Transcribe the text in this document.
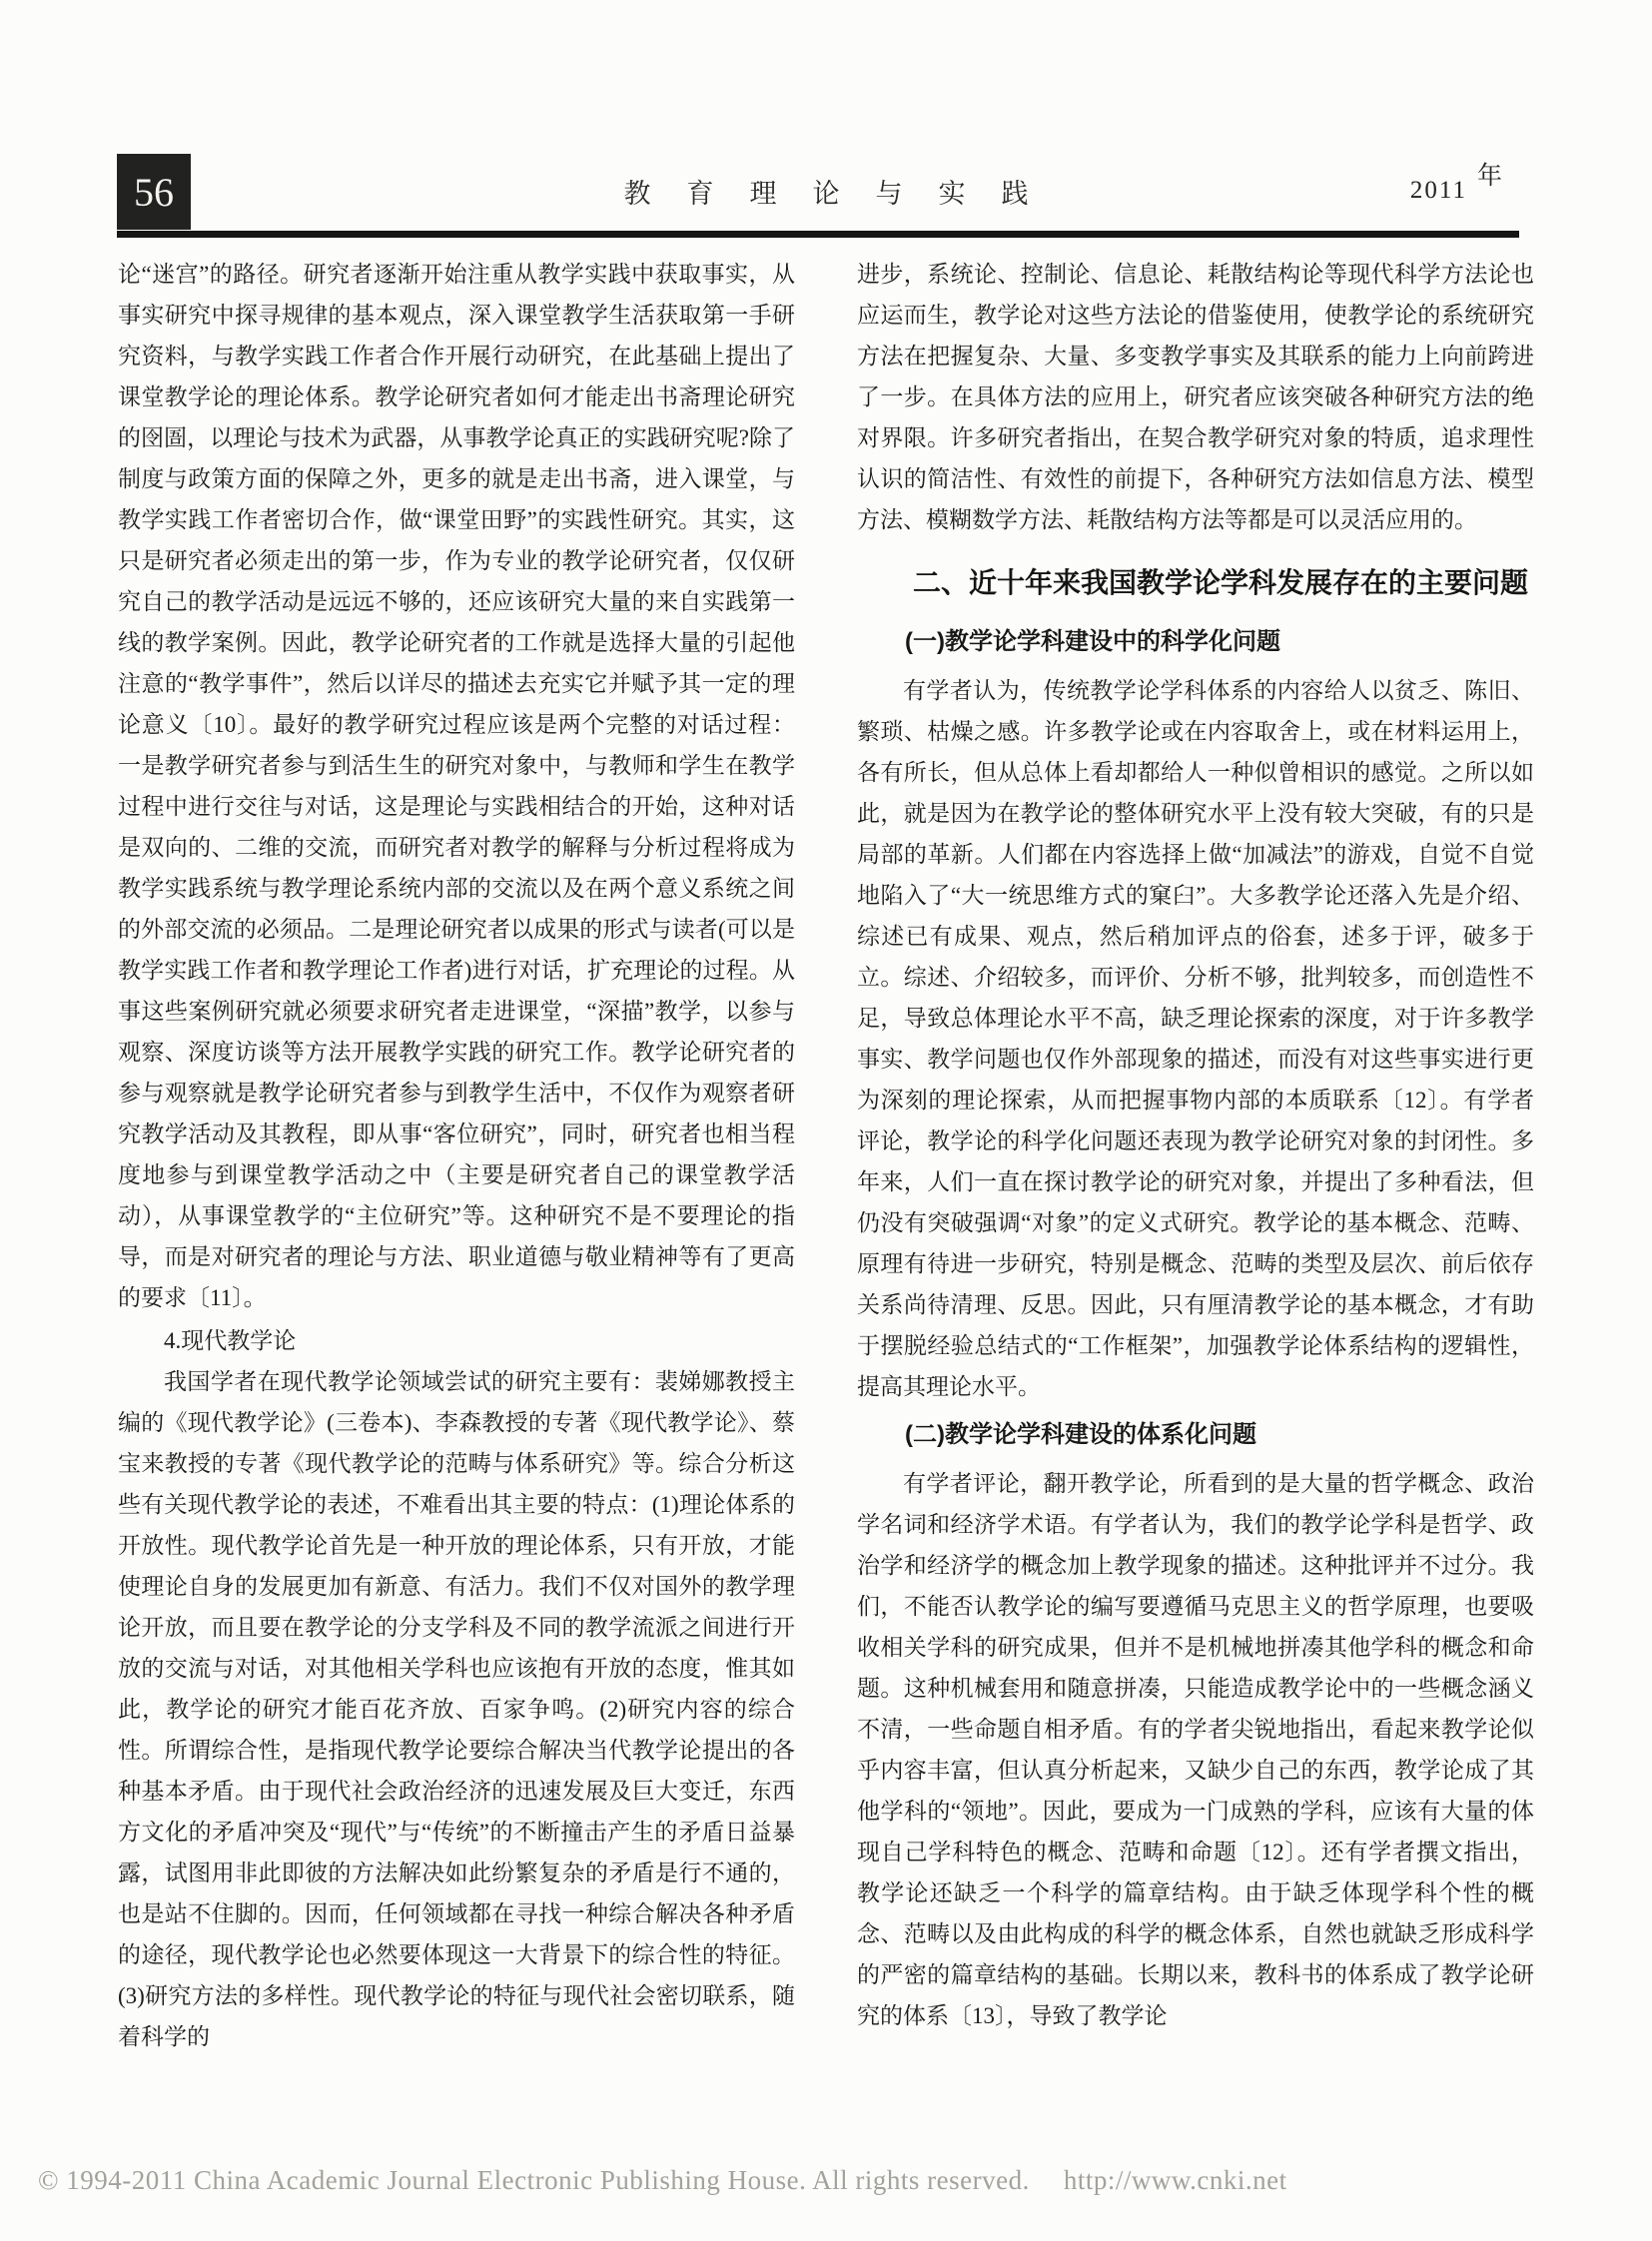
56	教育理论与实践	2011年

论“迷宫”的路径。研究者逐渐开始注重从教学实践中获取事实，从事实研究中探寻规律的基本观点，深入课堂教学生活获取第一手研究资料，与教学实践工作者合作开展行动研究，在此基础上提出了课堂教学论的理论体系。教学论研究者如何才能走出书斋理论研究的囹圄，以理论与技术为武器，从事教学论真正的实践研究呢?除了制度与政策方面的保障之外，更多的就是走出书斋，进入课堂，与教学实践工作者密切合作，做“课堂田野”的实践性研究。其实，这只是研究者必须走出的第一步，作为专业的教学论研究者，仅仅研究自己的教学活动是远远不够的，还应该研究大量的来自实践第一线的教学案例。因此，教学论研究者的工作就是选择大量的引起他注意的“教学事件”，然后以详尽的描述去充实它并赋予其一定的理论意义〔10〕。最好的教学研究过程应该是两个完整的对话过程：一是教学研究者参与到活生生的研究对象中，与教师和学生在教学过程中进行交往与对话，这是理论与实践相结合的开始，这种对话是双向的、二维的交流，而研究者对教学的解释与分析过程将成为教学实践系统与教学理论系统内部的交流以及在两个意义系统之间的外部交流的必须品。二是理论研究者以成果的形式与读者(可以是教学实践工作者和教学理论工作者)进行对话，扩充理论的过程。从事这些案例研究就必须要求研究者走进课堂，“深描”教学，以参与观察、深度访谈等方法开展教学实践的研究工作。教学论研究者的参与观察就是教学论研究者参与到教学生活中，不仅作为观察者研究教学活动及其教程，即从事“客位研究”，同时，研究者也相当程度地参与到课堂教学活动之中（主要是研究者自己的课堂教学活动），从事课堂教学的“主位研究”等。这种研究不是不要理论的指导，而是对研究者的理论与方法、职业道德与敬业精神等有了更高的要求〔11〕。

4.现代教学论

我国学者在现代教学论领域尝试的研究主要有：裴娣娜教授主编的《现代教学论》(三卷本)、李森教授的专著《现代教学论》、蔡宝来教授的专著《现代教学论的范畴与体系研究》等。综合分析这些有关现代教学论的表述，不难看出其主要的特点：(1)理论体系的开放性。现代教学论首先是一种开放的理论体系，只有开放，才能使理论自身的发展更加有新意、有活力。我们不仅对国外的教学理论开放，而且要在教学论的分支学科及不同的教学流派之间进行开放的交流与对话，对其他相关学科也应该抱有开放的态度，惟其如此，教学论的研究才能百花齐放、百家争鸣。(2)研究内容的综合性。所谓综合性，是指现代教学论要综合解决当代教学论提出的各种基本矛盾。由于现代社会政治经济的迅速发展及巨大变迁，东西方文化的矛盾冲突及“现代”与“传统”的不断撞击产生的矛盾日益暴露，试图用非此即彼的方法解决如此纷繁复杂的矛盾是行不通的，也是站不住脚的。因而，任何领域都在寻找一种综合解决各种矛盾的途径，现代教学论也必然要体现这一大背景下的综合性的特征。(3)研究方法的多样性。现代教学论的特征与现代社会密切联系，随着科学的

进步，系统论、控制论、信息论、耗散结构论等现代科学方法论也应运而生，教学论对这些方法论的借鉴使用，使教学论的系统研究方法在把握复杂、大量、多变教学事实及其联系的能力上向前跨进了一步。在具体方法的应用上，研究者应该突破各种研究方法的绝对界限。许多研究者指出，在契合教学研究对象的特质，追求理性认识的简洁性、有效性的前提下，各种研究方法如信息方法、模型方法、模糊数学方法、耗散结构方法等都是可以灵活应用的。

二、近十年来我国教学论学科发展存在的主要问题

(一)教学论学科建设中的科学化问题

有学者认为，传统教学论学科体系的内容给人以贫乏、陈旧、繁琐、枯燥之感。许多教学论或在内容取舍上，或在材料运用上，各有所长，但从总体上看却都给人一种似曾相识的感觉。之所以如此，就是因为在教学论的整体研究水平上没有较大突破，有的只是局部的革新。人们都在内容选择上做“加减法”的游戏，自觉不自觉地陷入了“大一统思维方式的窠臼”。大多教学论还落入先是介绍、综述已有成果、观点，然后稍加评点的俗套，述多于评，破多于立。综述、介绍较多，而评价、分析不够，批判较多，而创造性不足，导致总体理论水平不高，缺乏理论探索的深度，对于许多教学事实、教学问题也仅作外部现象的描述，而没有对这些事实进行更为深刻的理论探索，从而把握事物内部的本质联系〔12〕。有学者评论，教学论的科学化问题还表现为教学论研究对象的封闭性。多年来，人们一直在探讨教学论的研究对象，并提出了多种看法，但仍没有突破强调“对象”的定义式研究。教学论的基本概念、范畴、原理有待进一步研究，特别是概念、范畴的类型及层次、前后依存关系尚待清理、反思。因此，只有厘清教学论的基本概念，才有助于摆脱经验总结式的“工作框架”，加强教学论体系结构的逻辑性，提高其理论水平。

(二)教学论学科建设的体系化问题

有学者评论，翻开教学论，所看到的是大量的哲学概念、政治学名词和经济学术语。有学者认为，我们的教学论学科是哲学、政治学和经济学的概念加上教学现象的描述。这种批评并不过分。我们，不能否认教学论的编写要遵循马克思主义的哲学原理，也要吸收相关学科的研究成果，但并不是机械地拼凑其他学科的概念和命题。这种机械套用和随意拼凑，只能造成教学论中的一些概念涵义不清，一些命题自相矛盾。有的学者尖锐地指出，看起来教学论似乎内容丰富，但认真分析起来，又缺少自己的东西，教学论成了其他学科的“领地”。因此，要成为一门成熟的学科，应该有大量的体现自己学科特色的概念、范畴和命题〔12〕。还有学者撰文指出，教学论还缺乏一个科学的篇章结构。由于缺乏体现学科个性的概念、范畴以及由此构成的科学的概念体系，自然也就缺乏形成科学的严密的篇章结构的基础。长期以来，教科书的体系成了教学论研究的体系〔13〕，导致了教学论

© 1994-2011 China Academic Journal Electronic Publishing House. All rights reserved. http://www.cnki.net
